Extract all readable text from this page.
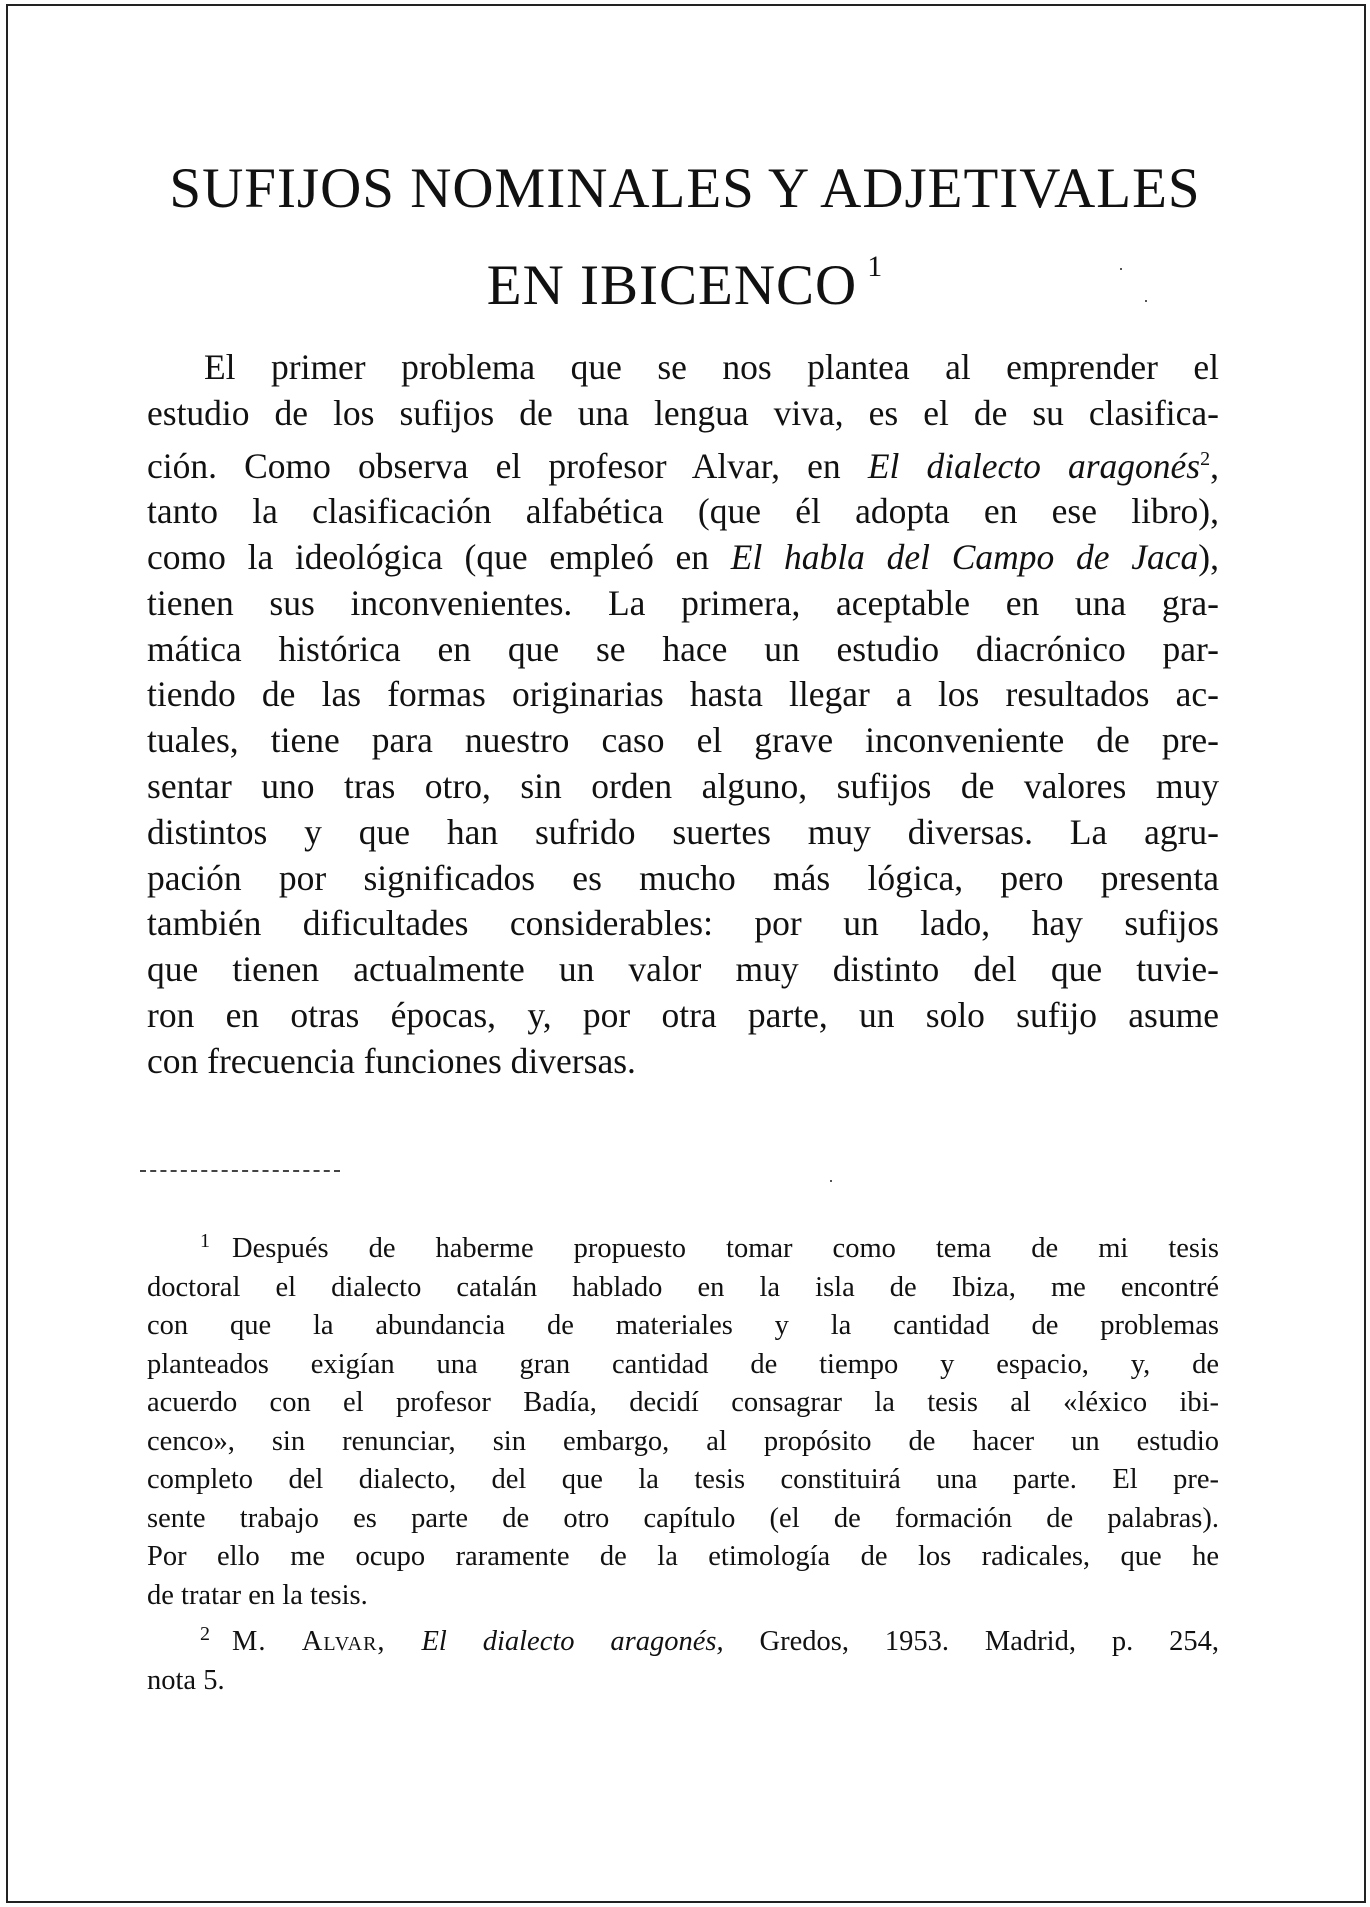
SUFIJOS NOMINALES Y ADJETIVALES
EN IBICENCO $^1$
El primer problema que se nos plantea al emprender el
estudio de los sufijos de una lengua viva, es el de su clasifica-
ción. Como observa el profesor Alvar, en El dialecto aragonés$^2$,
tanto la clasificación alfabética (que él adopta en ese libro),
como la ideológica (que empleó en El habla del Campo de Jaca),
tienen sus inconvenientes. La primera, aceptable en una gra-
mática histórica en que se hace un estudio diacrónico par-
tiendo de las formas originarias hasta llegar a los resultados ac-
tuales, tiene para nuestro caso el grave inconveniente de pre-
sentar uno tras otro, sin orden alguno, sufijos de valores muy
distintos y que han sufrido suertes muy diversas. La agru-
pación por significados es mucho más lógica, pero presenta
también dificultades considerables: por un lado, hay sufijos
que tienen actualmente un valor muy distinto del que tuvie-
ron en otras épocas, y, por otra parte, un solo sufijo asume
con frecuencia funciones diversas.
$^1$ Después de haberme propuesto tomar como tema de mi tesis
doctoral el dialecto catalán hablado en la isla de Ibiza, me encontré
con que la abundancia de materiales y la cantidad de problemas
planteados exigían una gran cantidad de tiempo y espacio, y, de
acuerdo con el profesor Badía, decidí consagrar la tesis al «léxico ibi-
cenco», sin renunciar, sin embargo, al propósito de hacer un estudio
completo del dialecto, del que la tesis constituirá una parte. El pre-
sente trabajo es parte de otro capítulo (el de formación de palabras).
Por ello me ocupo raramente de la etimología de los radicales, que he
de tratar en la tesis.
$^2$ M. Alvar, El dialecto aragonés, Gredos, 1953. Madrid, p. 254,
nota 5.
